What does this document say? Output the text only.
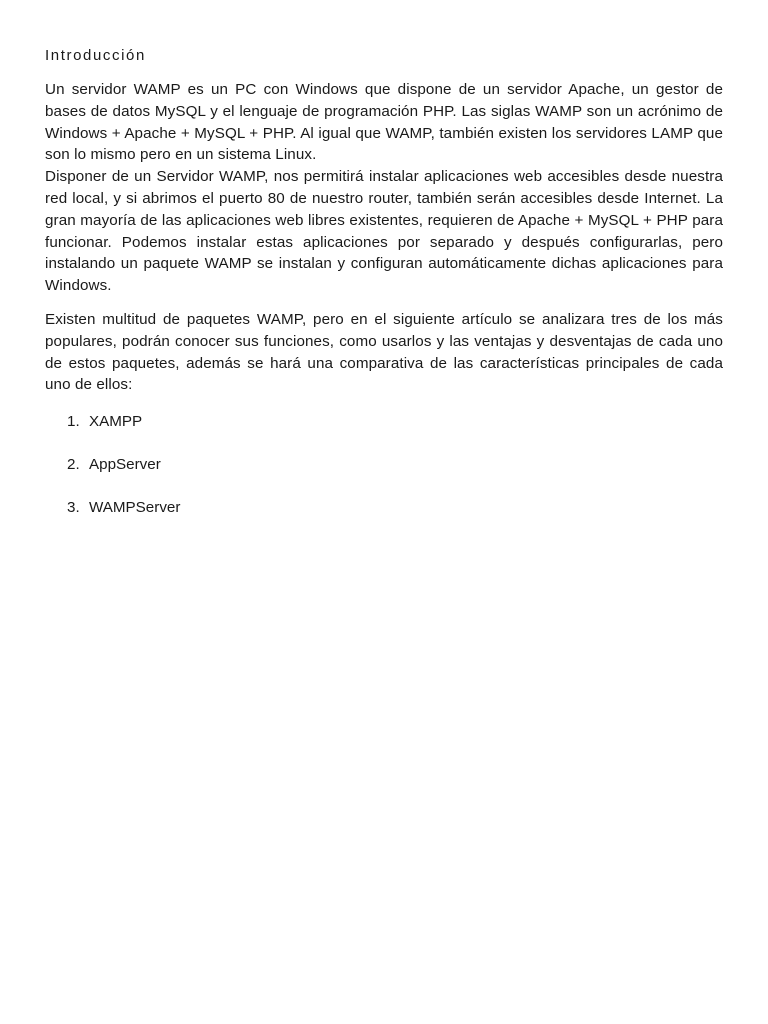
Introducción

Un servidor WAMP es un PC con Windows que dispone de un servidor Apache, un gestor de bases de datos MySQL y el lenguaje de programación PHP. Las siglas WAMP son un acrónimo de Windows + Apache + MySQL + PHP. Al igual que WAMP, también existen los servidores LAMP que son lo mismo pero en un sistema Linux.

Disponer de un Servidor WAMP, nos permitirá instalar aplicaciones web accesibles desde nuestra red local, y si abrimos el puerto 80 de nuestro router, también serán accesibles desde Internet. La gran mayoría de las aplicaciones web libres existentes, requieren de Apache + MySQL + PHP para funcionar. Podemos instalar estas aplicaciones por separado y después configurarlas, pero instalando un paquete WAMP se instalan y configuran automáticamente dichas aplicaciones para Windows.

Existen multitud de paquetes WAMP, pero en el siguiente artículo se analizara tres de los más populares, podrán conocer sus funciones, como usarlos y las ventajas y desventajas de cada uno de estos paquetes, además se hará una comparativa de las características principales de cada uno de ellos:

1. XAMPP
2. AppServer
3. WAMPServer
